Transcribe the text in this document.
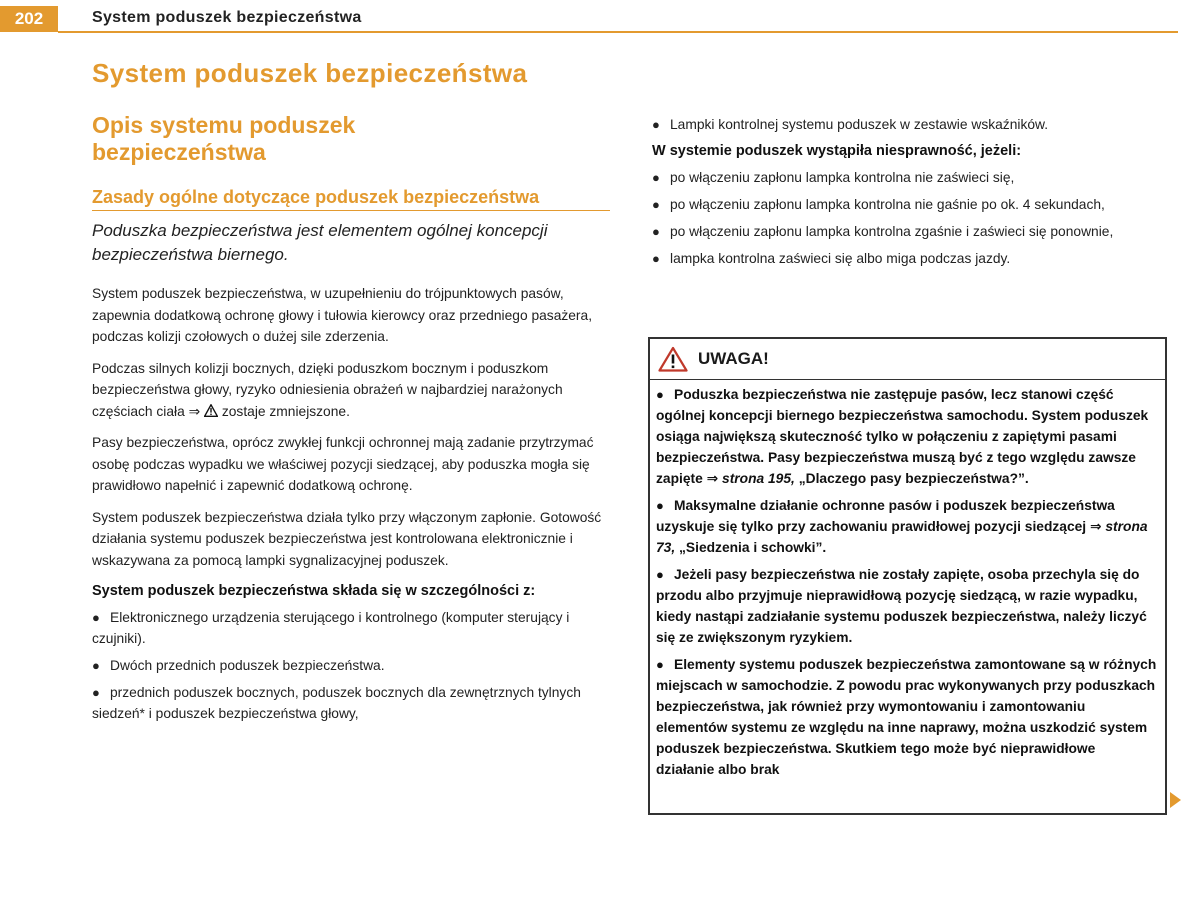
202	System poduszek bezpieczeństwa
System poduszek bezpieczeństwa
Opis systemu poduszek bezpieczeństwa
Zasady ogólne dotyczące poduszek bezpieczeństwa
Poduszka bezpieczeństwa jest elementem ogólnej koncepcji bezpieczeństwa biernego.
System poduszek bezpieczeństwa, w uzupełnieniu do trójpunktowych pasów, zapewnia dodatkową ochronę głowy i tułowia kierowcy oraz przedniego pasażera, podczas kolizji czołowych o dużej sile zderzenia.
Podczas silnych kolizji bocznych, dzięki poduszkom bocznym i poduszkom bezpieczeństwa głowy, ryzyko odniesienia obrażeń w najbardziej narażonych częściach ciała ⇒  zostaje zmniejszone.
Pasy bezpieczeństwa, oprócz zwykłej funkcji ochronnej mają zadanie przytrzymać osobę podczas wypadku we właściwej pozycji siedzącej, aby poduszka mogła się prawidłowo napełnić i zapewnić dodatkową ochronę.
System poduszek bezpieczeństwa działa tylko przy włączonym zapłonie. Gotowość działania systemu poduszek bezpieczeństwa jest kontrolowana elektronicznie i wskazywana za pomocą lampki sygnalizacyjnej poduszek.
System poduszek bezpieczeństwa składa się w szczególności z:
● Elektronicznego urządzenia sterującego i kontrolnego (komputer sterujący i czujniki).
● Dwóch przednich poduszek bezpieczeństwa.
● przednich poduszek bocznych, poduszek bocznych dla zewnętrznych tylnych siedzeń* i poduszek bezpieczeństwa głowy,
● Lampki kontrolnej systemu poduszek w zestawie wskaźników.
W systemie poduszek wystąpiła niesprawność, jeżeli:
● po włączeniu zapłonu lampka kontrolna nie zaświeci się,
● po włączeniu zapłonu lampka kontrolna nie gaśnie po ok. 4 sekundach,
● po włączeniu zapłonu lampka kontrolna zgaśnie i zaświeci się ponownie,
● lampka kontrolna zaświeci się albo miga podczas jazdy.
UWAGA!
● Poduszka bezpieczeństwa nie zastępuje pasów, lecz stanowi część ogólnej koncepcji biernego bezpieczeństwa samochodu. System poduszek osiąga największą skuteczność tylko w połączeniu z zapiętymi pasami bezpieczeństwa. Pasy bezpieczeństwa muszą być z tego względu zawsze zapięte ⇒ strona 195, „Dlaczego pasy bezpieczeństwa?”.
● Maksymalne działanie ochronne pasów i poduszek bezpieczeństwa uzyskuje się tylko przy zachowaniu prawidłowej pozycji siedzącej ⇒ strona 73, „Siedzenia i schowki”.
● Jeżeli pasy bezpieczeństwa nie zostały zapięte, osoba przechyla się do przodu albo przyjmuje nieprawidłową pozycję siedzącą, w razie wypadku, kiedy nastąpi zadziałanie systemu poduszek bezpieczeństwa, należy liczyć się ze zwiększonym ryzykiem.
● Elementy systemu poduszek bezpieczeństwa zamontowane są w różnych miejscach w samochodzie. Z powodu prac wykonywanych przy poduszkach bezpieczeństwa, jak również przy wymontowaniu i zamontowaniu elementów systemu ze względu na inne naprawy, można uszkodzić system poduszek bezpieczeństwa. Skutkiem tego może być nieprawidłowe działanie albo brak
